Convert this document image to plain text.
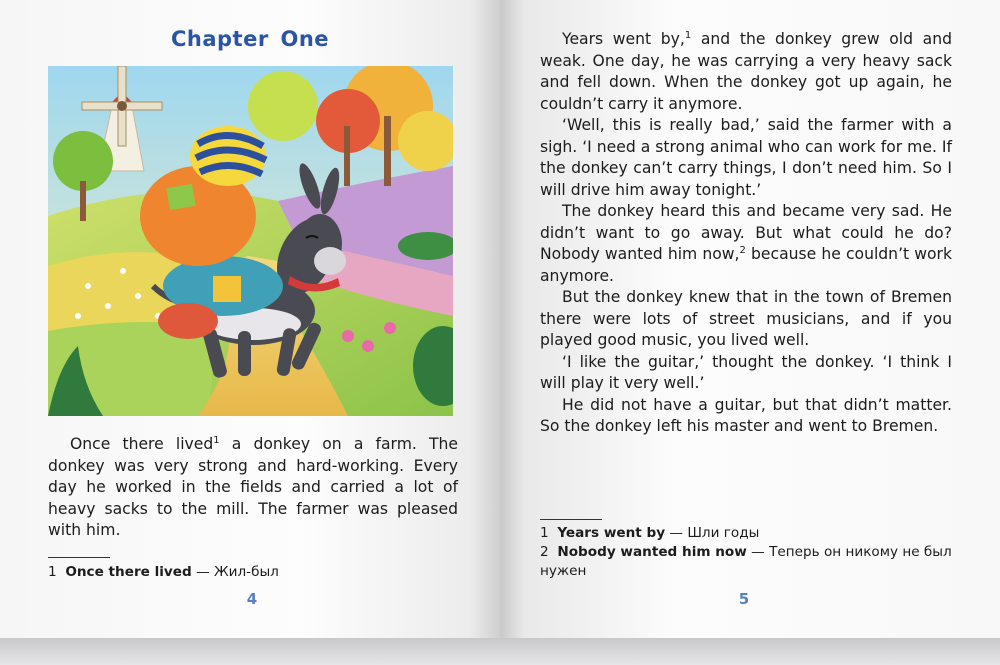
Chapter One

Once there lived$^1$ a donkey on a farm. The donkey was very strong and hard-working. Every day he worked in the fields and carried a lot of heavy sacks to the mill. The farmer was pleased with him.

1 Once there lived — Жил-был

4

Years went by,$^1$ and the donkey grew old and weak. One day, he was carrying a very heavy sack and fell down. When the donkey got up again, he couldn’t carry it anymore.

‘Well, this is really bad,’ said the farmer with a sigh. ‘I need a strong animal who can work for me. If the donkey can’t carry things, I don’t need him. So I will drive him away tonight.’

The donkey heard this and became very sad. He didn’t want to go away. But what could he do? Nobody wanted him now,$^2$ because he couldn’t work anymore.

But the donkey knew that in the town of Bremen there were lots of street musicians, and if you played good music, you lived well.

‘I like the guitar,’ thought the donkey. ‘I think I will play it very well.’

He did not have a guitar, but that didn’t matter. So the donkey left his master and went to Bremen.

1 Years went by — Шли годы

2 Nobody wanted him now — Теперь он никому не был нужен

5
